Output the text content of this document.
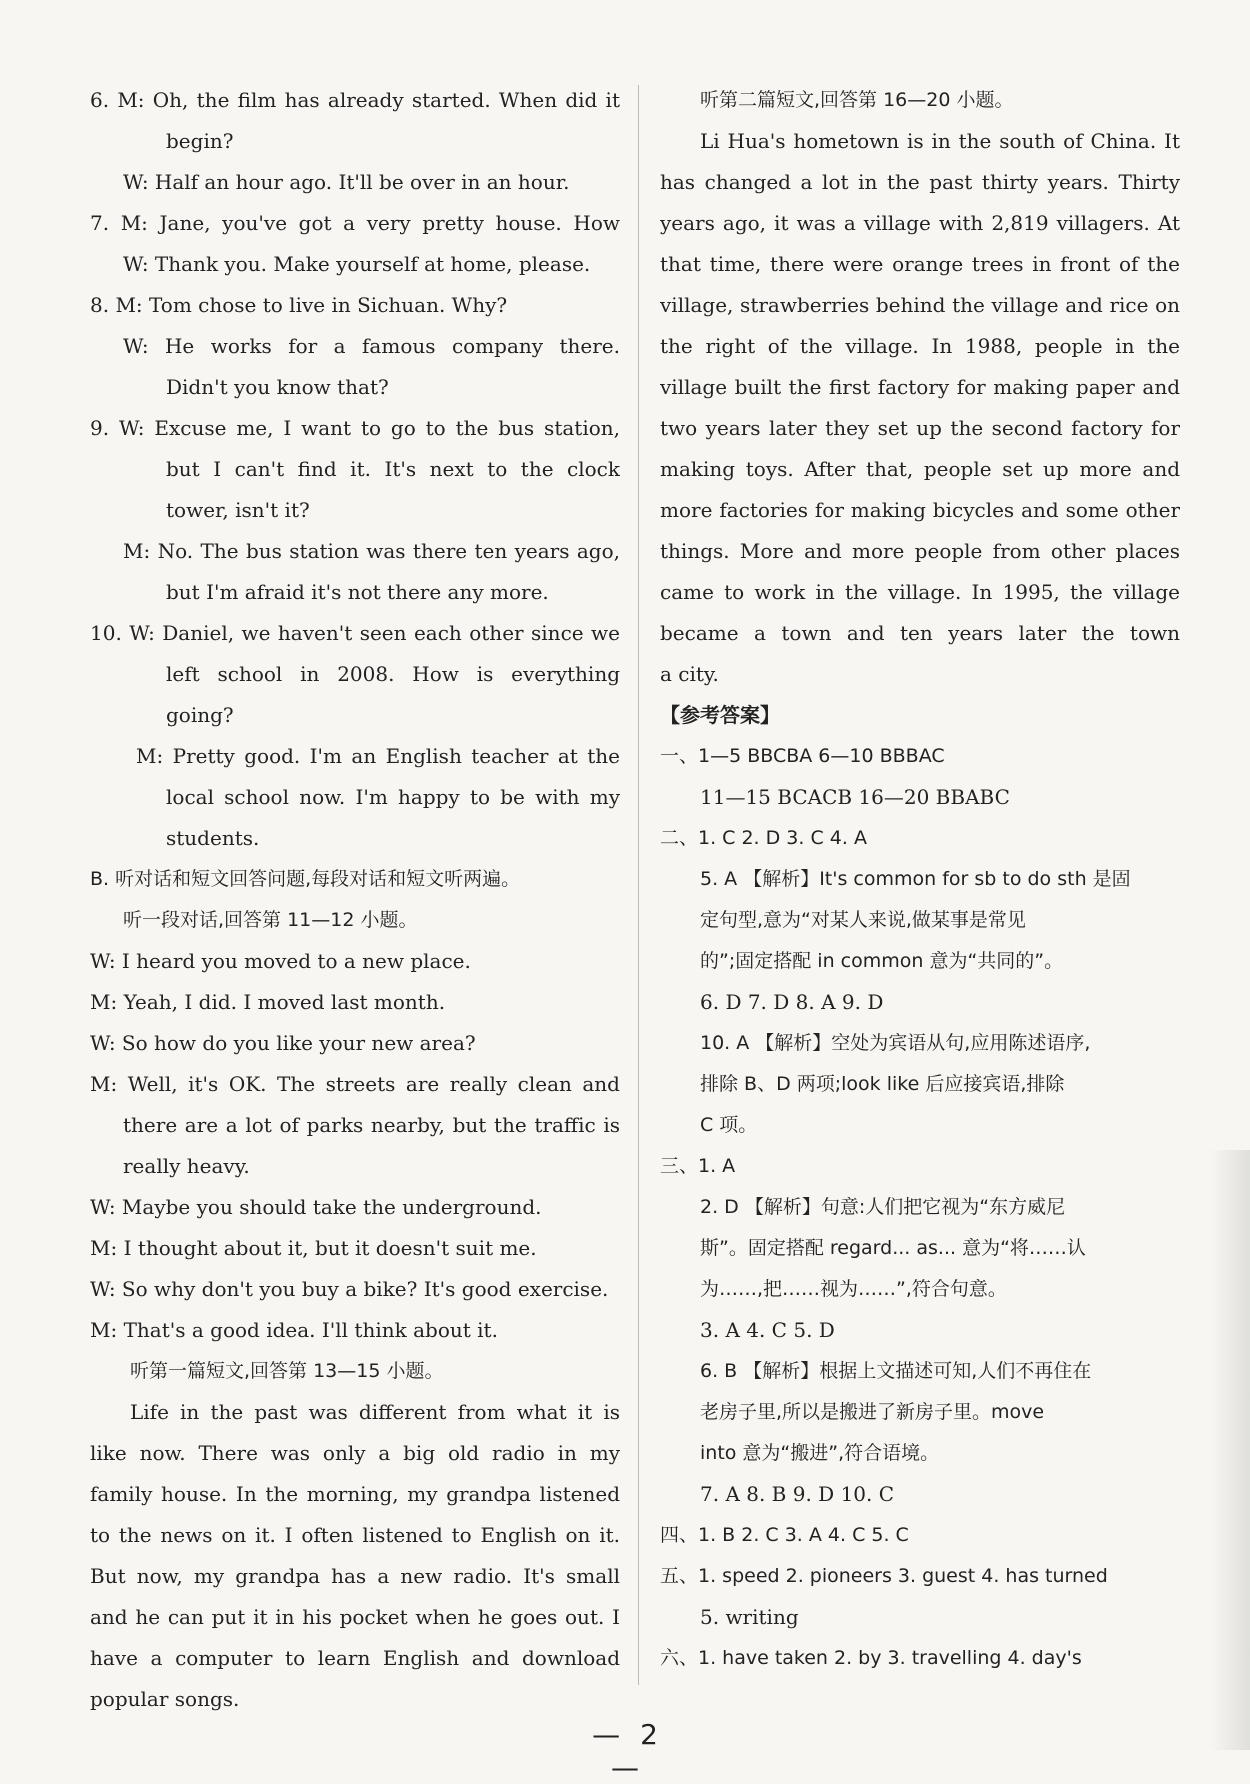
6. M: Oh, the film has already started. When did it
begin?
W: Half an hour ago. It'll be over in an hour.
7. M: Jane, you've got a very pretty house. How
W: Thank you. Make yourself at home, please.
8. M: Tom chose to live in Sichuan. Why?
W: He works for a famous company there.
Didn't you know that?
9. W: Excuse me, I want to go to the bus station,
but I can't find it. It's next to the clock
tower, isn't it?
M: No. The bus station was there ten years ago,
but I'm afraid it's not there any more.
10. W: Daniel, we haven't seen each other since we
left school in 2008. How is everything
going?
M: Pretty good. I'm an English teacher at the
local school now. I'm happy to be with my
students.
B. 听对话和短文回答问题,每段对话和短文听两遍。
听一段对话,回答第 11—12 小题。
W: I heard you moved to a new place.
M: Yeah, I did. I moved last month.
W: So how do you like your new area?
M: Well, it's OK. The streets are really clean and
there are a lot of parks nearby, but the traffic is
really heavy.
W: Maybe you should take the underground.
M: I thought about it, but it doesn't suit me.
W: So why don't you buy a bike? It's good exercise.
M: That's a good idea. I'll think about it.
听第一篇短文,回答第 13—15 小题。
Life in the past was different from what it is
like now. There was only a big old radio in my
family house. In the morning, my grandpa listened
to the news on it. I often listened to English on it.
But now, my grandpa has a new radio. It's small
and he can put it in his pocket when he goes out. I
have a computer to learn English and download
popular songs.
听第二篇短文,回答第 16—20 小题。
Li Hua's hometown is in the south of China. It
has changed a lot in the past thirty years. Thirty
years ago, it was a village with 2,819 villagers. At
that time, there were orange trees in front of the
village, strawberries behind the village and rice on
the right of the village. In 1988, people in the
village built the first factory for making paper and
two years later they set up the second factory for
making toys. After that, people set up more and
more factories for making bicycles and some other
things. More and more people from other places
came to work in the village. In 1995, the village
became a town and ten years later the town
a city.
【参考答案】
一、1—5 BBCBA 6—10 BBBAC
11—15 BCACB 16—20 BBABC
二、1. C 2. D 3. C 4. A
5. A 【解析】It's common for sb to do sth 是固
定句型,意为“对某人来说,做某事是常见
的”;固定搭配 in common 意为“共同的”。
6. D 7. D 8. A 9. D
10. A 【解析】空处为宾语从句,应用陈述语序,
排除 B、D 两项;look like 后应接宾语,排除
C 项。
三、1. A
2. D 【解析】句意:人们把它视为“东方威尼
斯”。固定搭配 regard... as... 意为“将……认
为……,把……视为……”,符合句意。
3. A 4. C 5. D
6. B 【解析】根据上文描述可知,人们不再住在
老房子里,所以是搬进了新房子里。move
into 意为“搬进”,符合语境。
7. A 8. B 9. D 10. C
四、1. B 2. C 3. A 4. C 5. C
五、1. speed 2. pioneers 3. guest 4. has turned
5. writing
六、1. have taken 2. by 3. travelling 4. day's
— 2—
